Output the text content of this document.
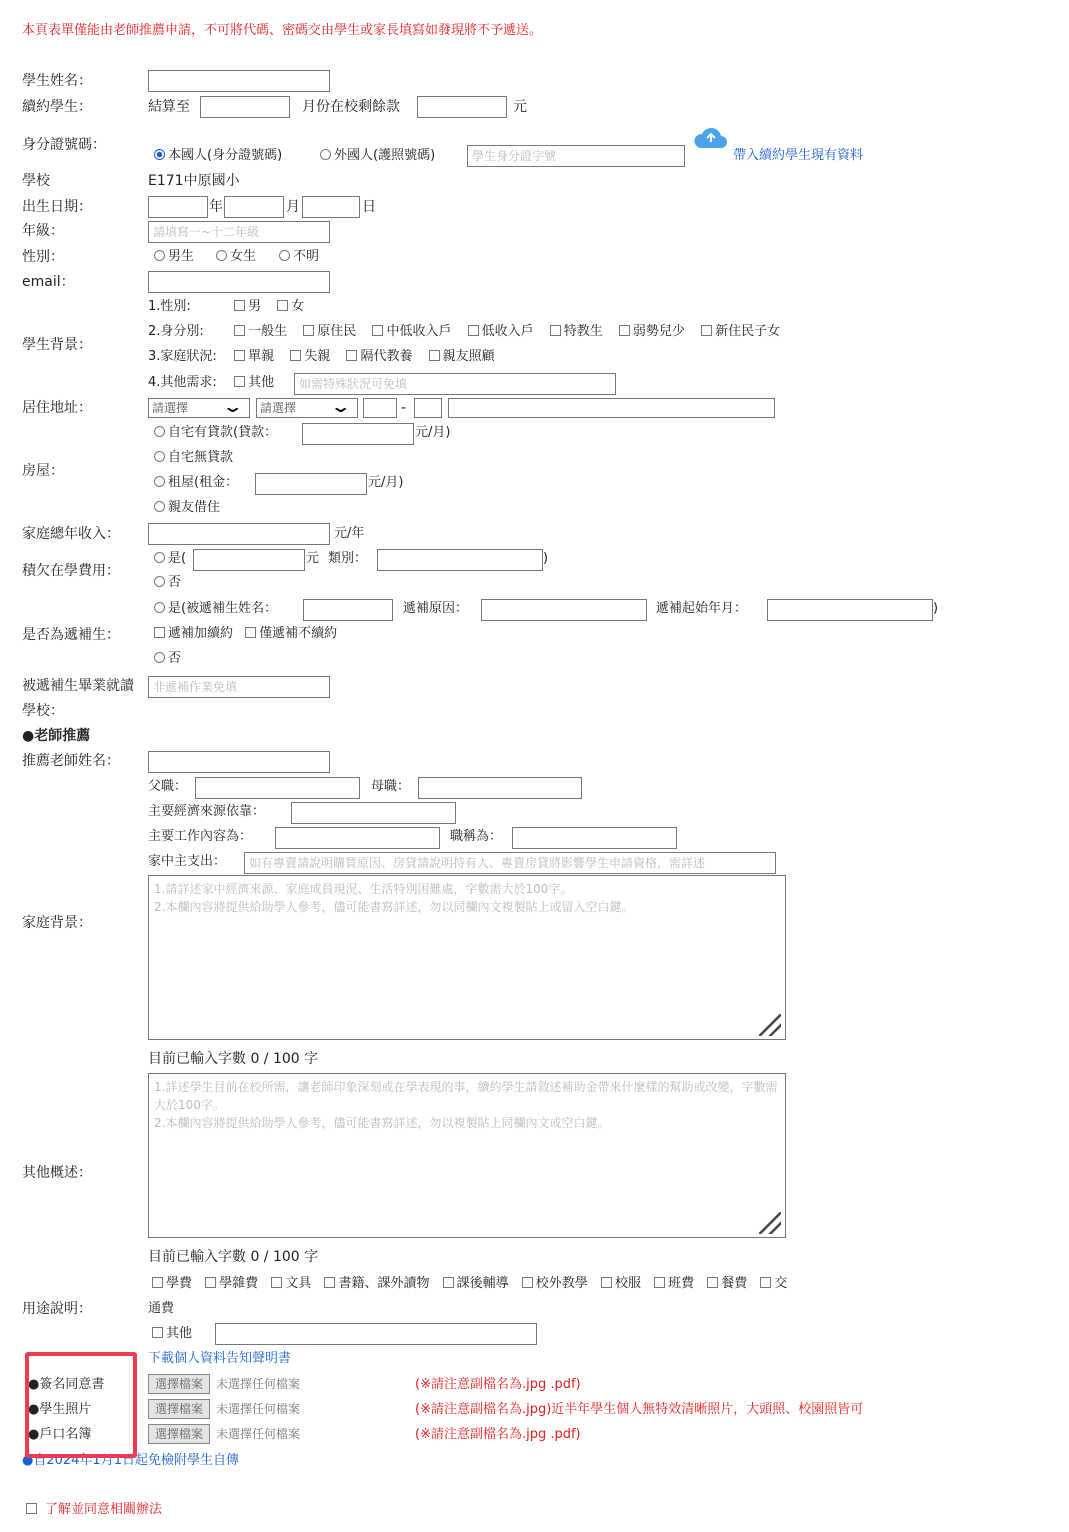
本頁表單僅能由老師推薦申請，不可將代碼、密碼交由學生或家長填寫如發現將不予遞送。
學生姓名：
續約學生：	結算至	月份在校剩餘款	元
身分證號碼：
本國人(身分證號碼)	外國人(護照號碼)	學生身分證字號	帶入續約學生現有資料
學校	E171中原國小
出生日期：	年	月	日
年級：	請填寫一~十二年級
性別：	男生	女生	不明
email：
學生背景：
1.性別:	男 女
2.身分別:	一般生 原住民 中低收入戶 低收入戶 特教生 弱勢兒少 新住民子女
3.家庭狀況: 單親 失親 隔代教養 親友照顧
4.其他需求: 其他	如需特殊狀況可免填
居住地址：	請選擇 ⌄	請選擇 ⌄	-
房屋：
自宅有貸款(貸款：	元/月)
自宅無貸款
租屋(租金：	元/月)
親友借住
家庭總年收入：	元/年
積欠在學費用：
是(	元 類別：	)
否
是否為遞補生：
是(被遞補生姓名：	遞補原因：	遞補起始年月：	)
遞補加續約 僅遞補不續約
否
被遞補生畢業就讀
學校：
非遞補作業免填
●老師推薦
推薦老師姓名：
父職：	母職：
主要經濟來源依靠：
主要工作內容為：	職稱為：
家中主支出：	如有專賣請說明購買原因、房貸請說明持有人、專賣房貸將影響學生申請資格，需詳述
家庭背景：
1.請詳述家中經濟來源、家庭成員現況、生活特別困難處，字數需大於100字。
2.本欄內容將提供給助學人參考，儘可能書寫詳述，勿以同欄內文複製貼上或留入空白鍵。
目前已輸入字數 0 / 100 字
其他概述：
1.詳述學生目前在校所需，讓老師印象深刻或在學表現的事，續約學生請敘述補助金帶來什麼樣的幫助或改變，字數需大於100字。
2.本欄內容將提供給助學人參考，儘可能書寫詳述，勿以複製貼上同欄內文或空白鍵。
目前已輸入字數 0 / 100 字
用途說明：
學費 學雜費 文具 書籍、課外讀物 課後輔導 校外教學 校服 班費 餐費 交
通費
其他
下載個人資料告知聲明書
●簽名同意書	選擇檔案 未選擇任何檔案	(※請注意副檔名為.jpg .pdf)
●學生照片	選擇檔案 未選擇任何檔案	(※請注意副檔名為.jpg)近半年學生個人無特效清晰照片，大頭照、校園照皆可
●戶口名簿	選擇檔案 未選擇任何檔案	(※請注意副檔名為.jpg .pdf)
●自2024年1月1日起免檢附學生自傳
了解並同意相關辦法
